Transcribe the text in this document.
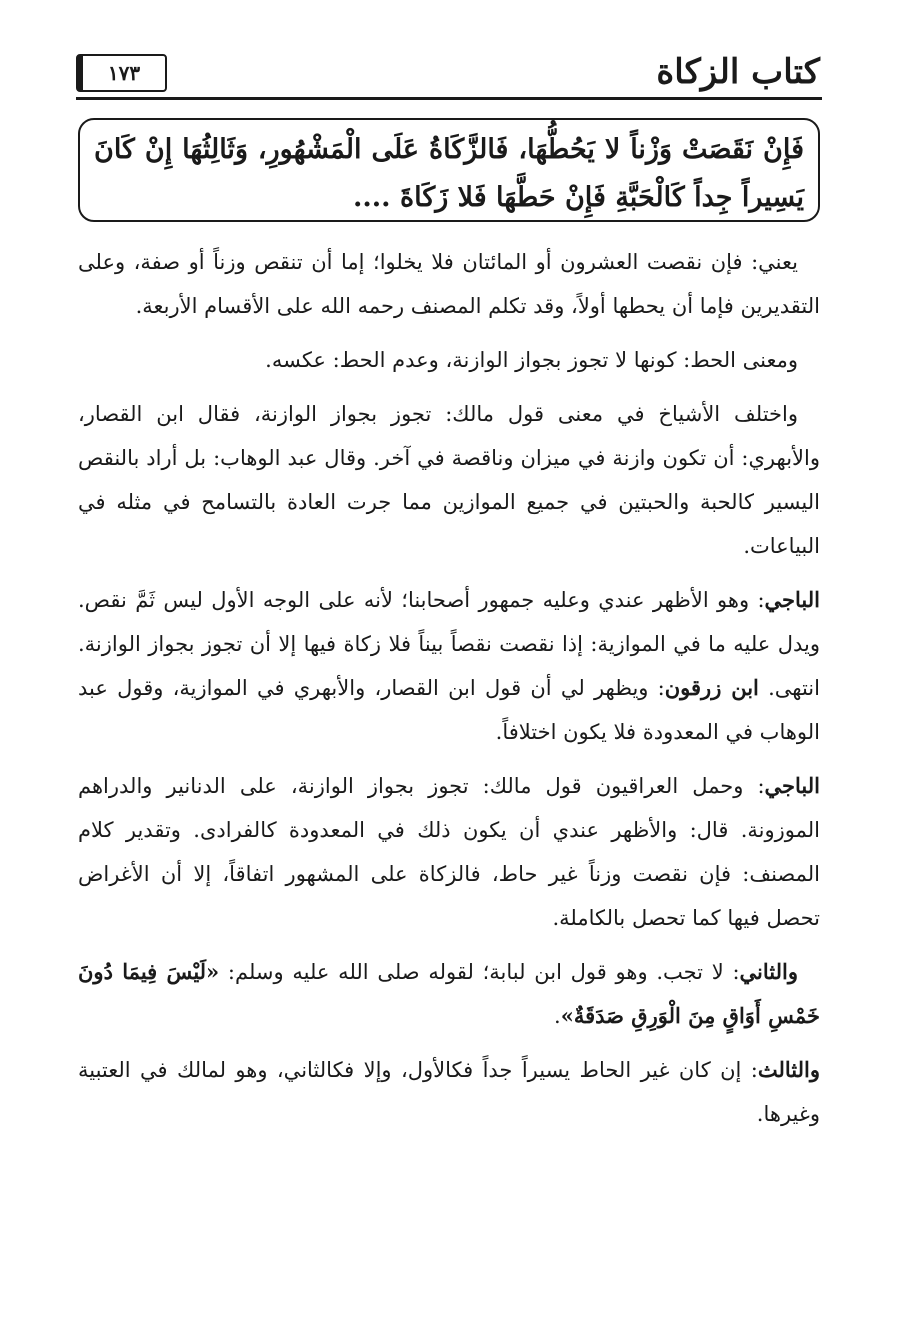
كتاب الزكاة
١٧٣
فَإِنْ نَقَصَتْ وَزْناً لا يَحُطُّهَا، فَالزَّكَاةُ عَلَى الْمَشْهُورِ، وَثَالِثُهَا إِنْ كَانَ يَسِيراً جِداً كَالْحَبَّةِ فَإِنْ حَطَّهَا فَلا زَكَاةَ ....

يعني: فإن نقصت العشرون أو المائتان فلا يخلوا؛ إما أن تنقص وزناً أو صفة، وعلى التقديرين فإما أن يحطها أولاً، وقد تكلم المصنف رحمه الله على الأقسام الأربعة.

ومعنى الحط: كونها لا تجوز بجواز الوازنة، وعدم الحط: عكسه.

واختلف الأشياخ في معنى قول مالك: تجوز بجواز الوازنة، فقال ابن القصار، والأبهري: أن تكون وازنة في ميزان وناقصة في آخر. وقال عبد الوهاب: بل أراد بالنقص اليسير كالحبة والحبتين في جميع الموازين مما جرت العادة بالتسامح في مثله في البياعات.

الباجي: وهو الأظهر عندي وعليه جمهور أصحابنا؛ لأنه على الوجه الأول ليس ثَمَّ نقص. ويدل عليه ما في الموازية: إذا نقصت نقصاً بيناً فلا زكاة فيها إلا أن تجوز بجواز الوازنة. انتهى. ابن زرقون: ويظهر لي أن قول ابن القصار، والأبهري في الموازية، وقول عبد الوهاب في المعدودة فلا يكون اختلافاً.

الباجي: وحمل العراقيون قول مالك: تجوز بجواز الوازنة، على الدنانير والدراهم الموزونة. قال: والأظهر عندي أن يكون ذلك في المعدودة كالفرادى. وتقدير كلام المصنف: فإن نقصت وزناً غير حاط، فالزكاة على المشهور اتفاقاً، إلا أن الأغراض تحصل فيها كما تحصل بالكاملة.

والثاني: لا تجب. وهو قول ابن لبابة؛ لقوله صلى الله عليه وسلم: «لَيْسَ فِيمَا دُونَ خَمْسِ أَوَاقٍ مِنَ الْوَرِقِ صَدَقَةٌ».

والثالث: إن كان غير الحاط يسيراً جداً فكالأول، وإلا فكالثاني، وهو لمالك في العتبية وغيرها.
